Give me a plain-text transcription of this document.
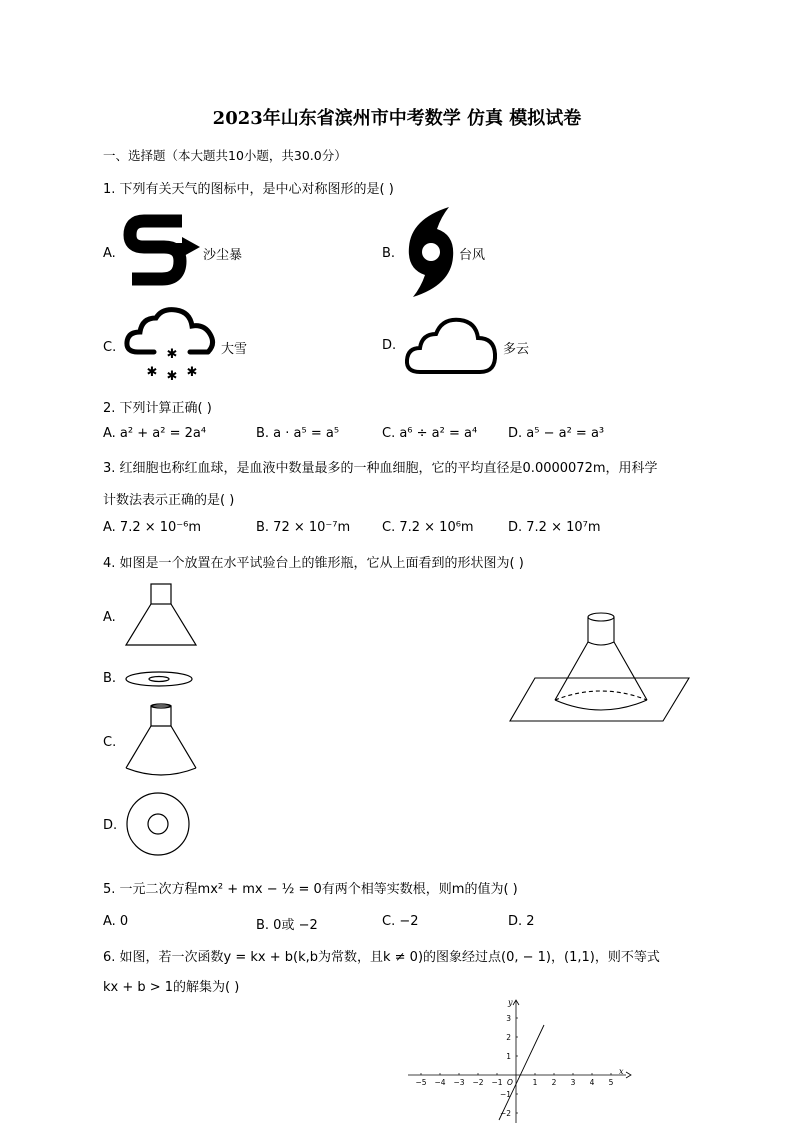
2023年山东省滨州市中考数学 仿真 模拟试卷
一、选择题（本大题共10小题，共30.0分）
1. 下列有关天气的图标中，是中心对称图形的是( )
A.	沙尘暴	B.	台风
C.	✱
✱ ✱ ✱
大雪	D.	多云
2. 下列计算正确( )
A. a² + a² = 2a⁴	B. a · a⁵ = a⁵	C. a⁶ ÷ a² = a⁴ D. a⁵ − a² = a³
3. 红细胞也称红血球，是血液中数量最多的一种血细胞，它的平均直径是0.0000072m，用科学
计数法表示正确的是( )
A. 7.2 × 10⁻⁶m	B. 72 × 10⁻⁷m C. 7.2 × 10⁶m	D. 7.2 × 10⁷m
4. 如图是一个放置在水平试验台上的锥形瓶，它从上面看到的形状图为( )
A.
B.
C.
D.
5. 一元二次方程mx² + mx − ½ = 0有两个相等实数根，则m的值为( )
A. 0	B. 0或 −2	C. −2	D. 2
6. 如图，若一次函数y = kx + b(k,b为常数，且k ≠ 0)的图象经过点(0, − 1)，(1,1)，则不等式
kx + b > 1的解集为( )
x
y
−5 −4 −3 −2 −1 O	1 2 3 4 5
3
2
1
−1
−2
